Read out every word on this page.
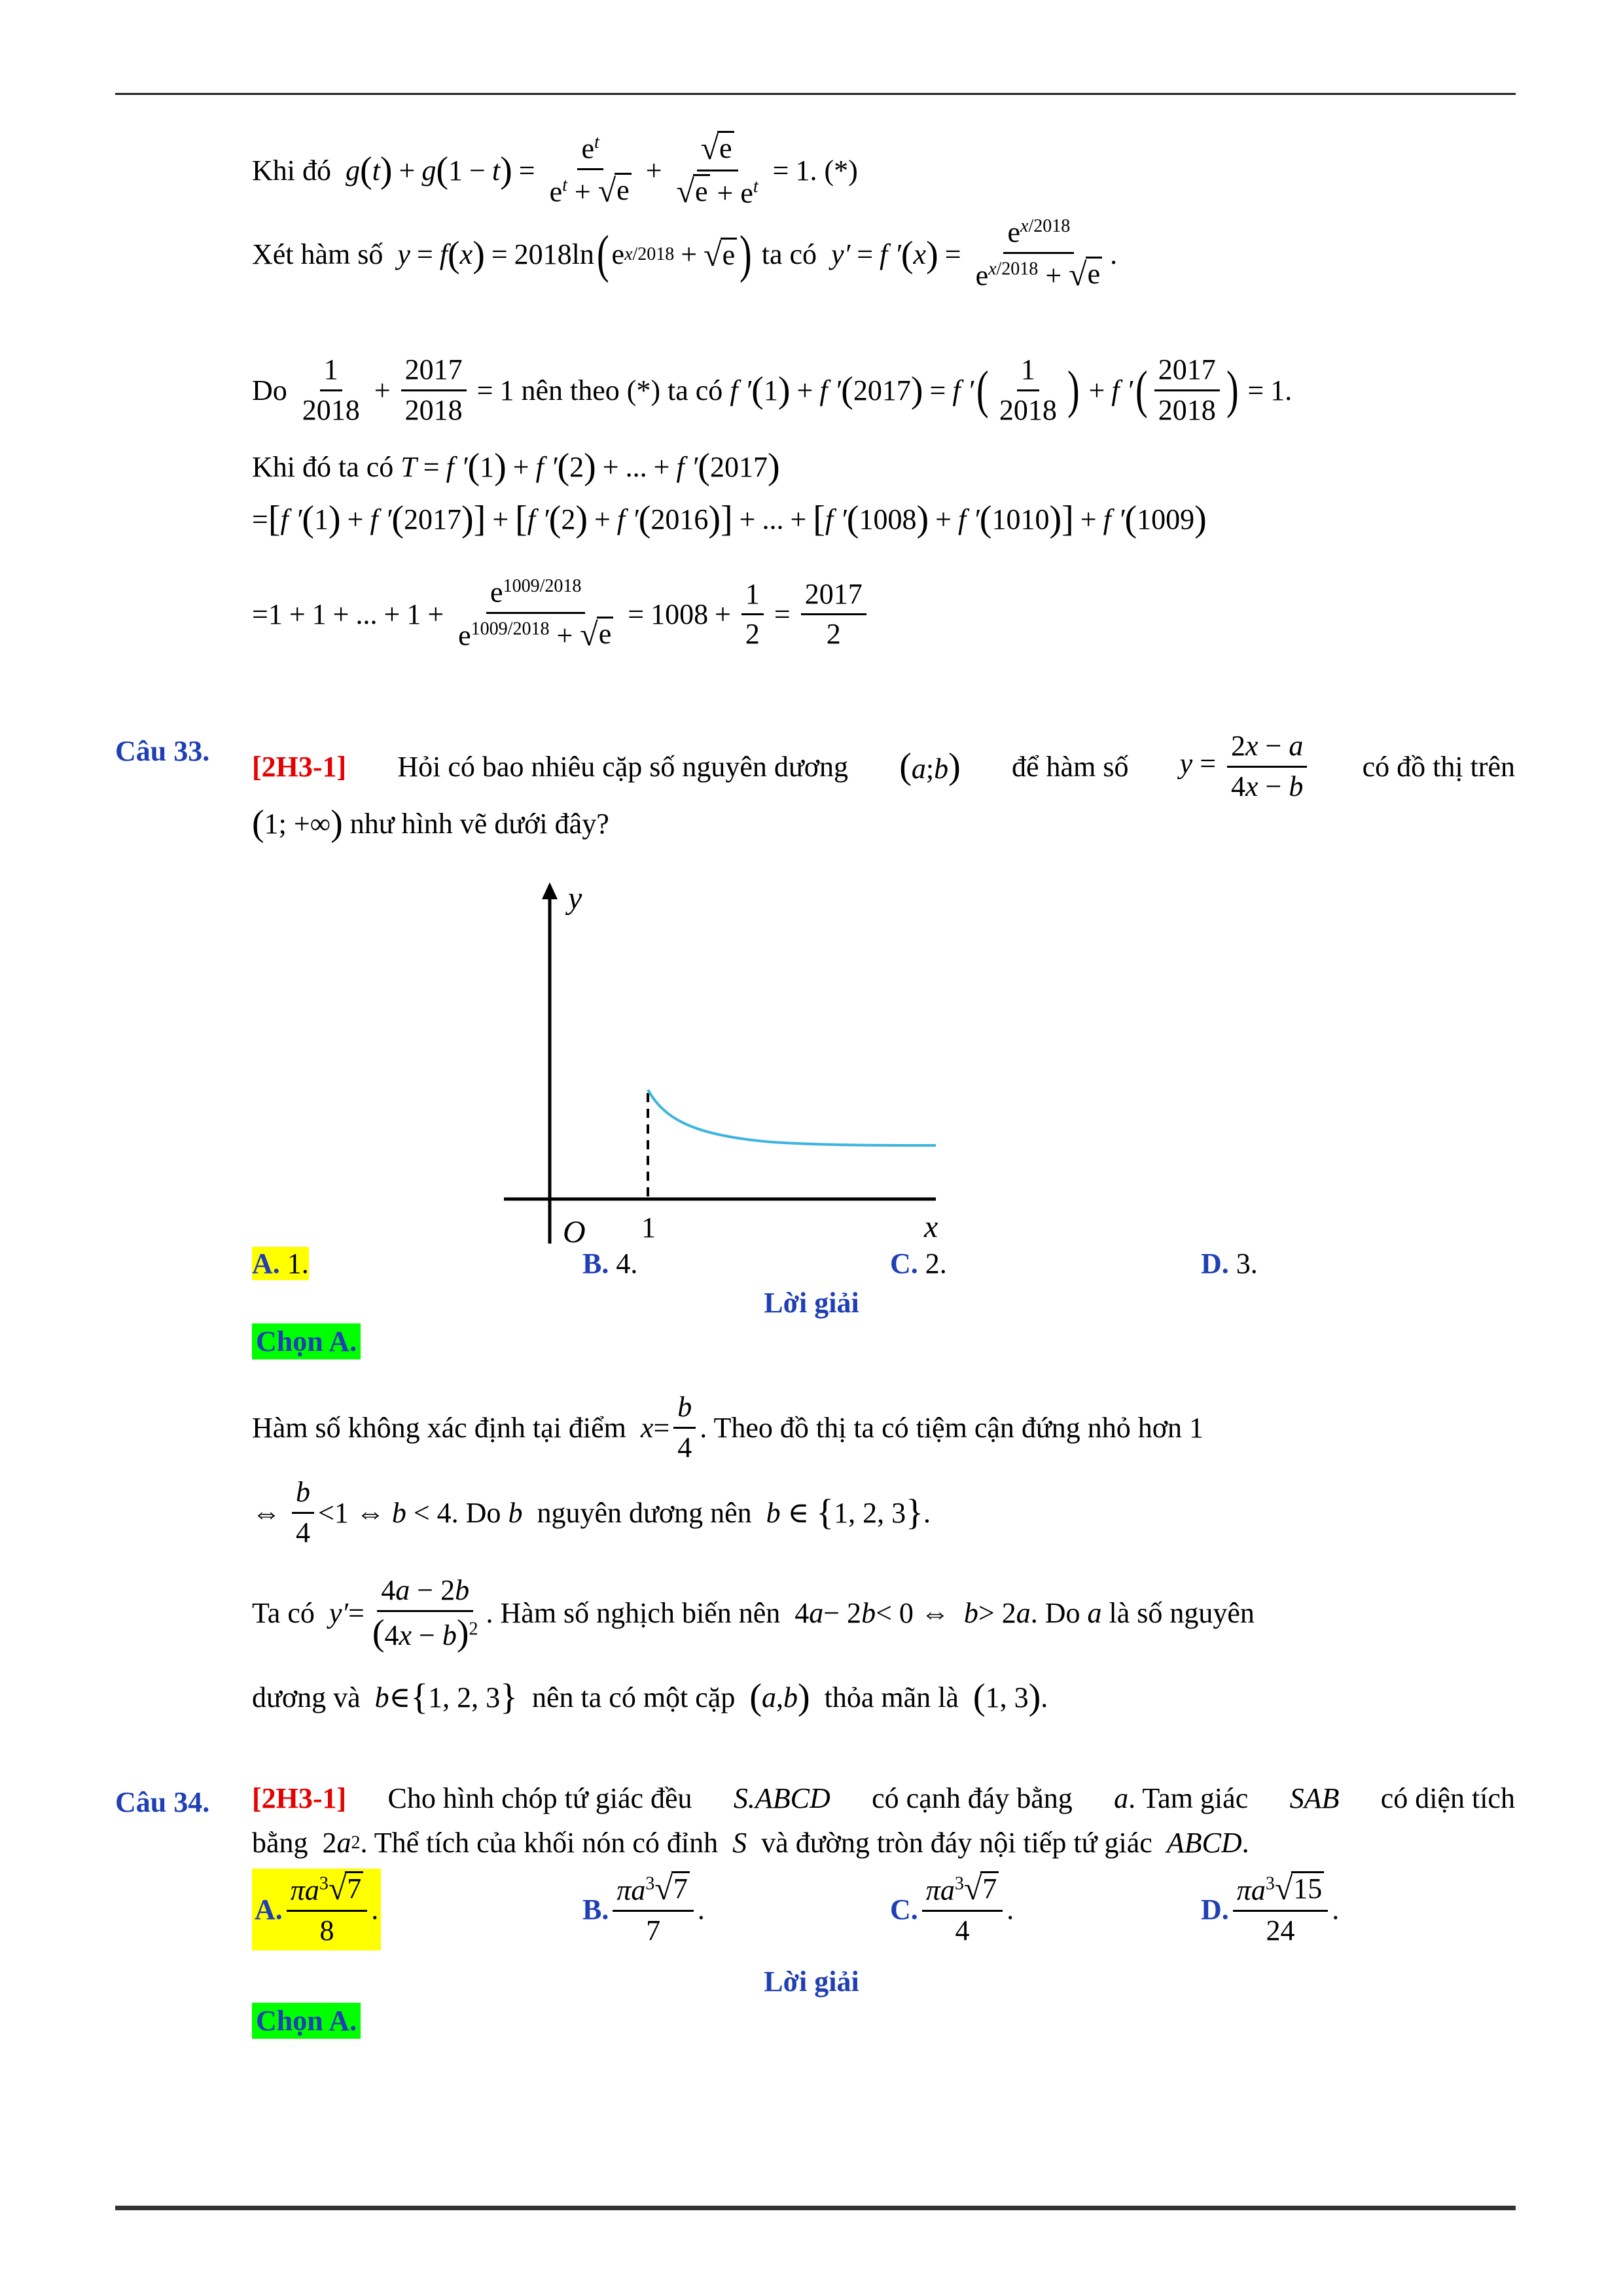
Khi đó
g ( t ) + g ( 1 − t ) = $\frac{e^t}{e^t + √ e} + \frac{√ e}{√ e + e^t} = 1$ . (*)
Xét hàm số
y = f ( x ) = 2018ln ( e x/2018 + √ e )
ta có
y′ = f ′ ( x ) = $\frac{e^{x/2018}}{e^{x/2018} + √ e}$ .
Do
$\frac{1}{2018} + \frac{2017}{2018} = 1$ nên theo (*) ta có
f ′ ( 1 ) + f ′ ( 2017 ) = f ′ ( $\frac{1}{2018}$ ) + f ′ ( $\frac{2017}{2018}$ ) = 1.
Khi đó ta có
T = f ′ ( 1 ) + f ′ ( 2 ) + ... + f ′ ( 2017 )
= [ f ′ ( 1 ) + f ′ ( 2017 ) ] + [ f ′ ( 2 ) + f ′ ( 2016 ) ] + ... + [ f ′ ( 1008 ) + f ′ ( 1010 ) ] + f ′ ( 1009 )
=1 + 1 + ... + $1 + \frac{e^{1009/2018}}{e^{1009/2018} + √ e} = 1008 + \frac{1}{2} = \frac{2017}{2}$
Câu 33. [2H3-1] Hỏi có bao nhiêu cặp số nguyên dương (a;b) để hàm số $y = \frac{2x - a}{4x - b}$ có đồ thị trên
( 1; +∞ )
như hình vẽ dưới đây?
y
x
O 1
A. 1.	B.
4 .	C.
2 .	D.
3 .
Lời giải
Chọn A.
Hàm số không xác định tại điểm
$x = \frac{b}{4}$ . Theo đồ thị ta có tiệm cận đứng nhỏ hơn 1
⇔ $\frac{b}{4} <1$ ⇔ b < 4 . Do
b
nguyên dương nên
b ∈ { 1, 2, 3 } .
Ta có
$y' = \frac{4a - 2b}{(4x - b)^2}$ . Hàm số nghịch biến nên 4 a − 2 b < 0 ⇔ b > 2 a . Do
a
là số nguyên
dương và
b ∈ { 1, 2, 3 }
nên ta có một cặp
( a , b )
thỏa mãn là
( 1, 3 ) .
Câu 34. [2H3-1] Cho hình chóp tứ giác đều S.ABCD có cạnh đáy bằng a. Tam giác SAB có diện tích
bằng 2 a 2 . Thể tích của khối nón có đỉnh
S
và đường tròn đáy nội tiếp tứ giác
ABCD .
A. $\frac{\pi a^3 √ 7}{8}$ .	B. $\frac{\pi a^3 √ 7}{7}$ .	C. $\frac{\pi a^3 √ 7}{4}$ .	D. $\frac{\pi a^3 √ 15}{24}$ .
Lời giải
Chọn A.
